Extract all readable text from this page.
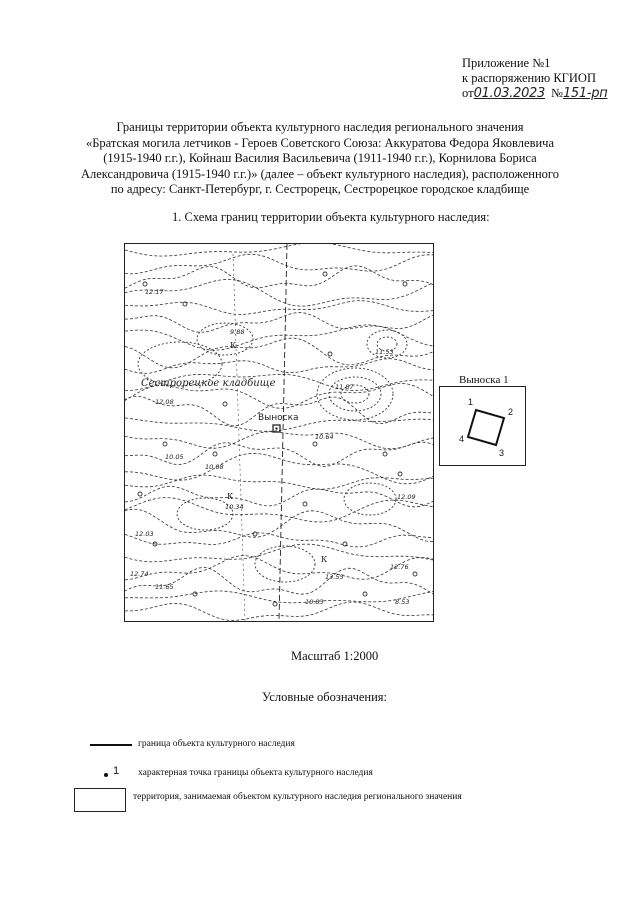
Приложение №1
к распоряжению КГИОП
от01.03.2023 №151-рп
Границы территории объекта культурного наследия регионального значения
«Братская могила летчиков - Героев Советского Союза: Аккуратова Федора Яковлевича
(1915-1940 г.г.), Койнаш Василия Васильевича (1911-1940 г.г.), Корнилова Бориса
Александровича (1915-1940 г.г.)» (далее – объект культурного наследия), расположенного
по адресу: Санкт-Петербург, г. Сестрорецк, Сестрорецкое городское кладбище
1. Схема границ территории объекта культурного наследия:
Сестрорецкое кладбище
Выноска
12.17
11.53
12.08
11.87
10.64
10.05
10.08
12.09
10.34
12.03
12.74
11.65
13.55
10.83
12.76
8.53
9.88
К
К
К
Выноска 1
1
2
3
4
Масштаб 1:2000
Условные обозначения:
граница объекта культурного наследия
1 характерная точка границы объекта культурного наследия
территория, занимаемая объектом культурного наследия регионального значения
